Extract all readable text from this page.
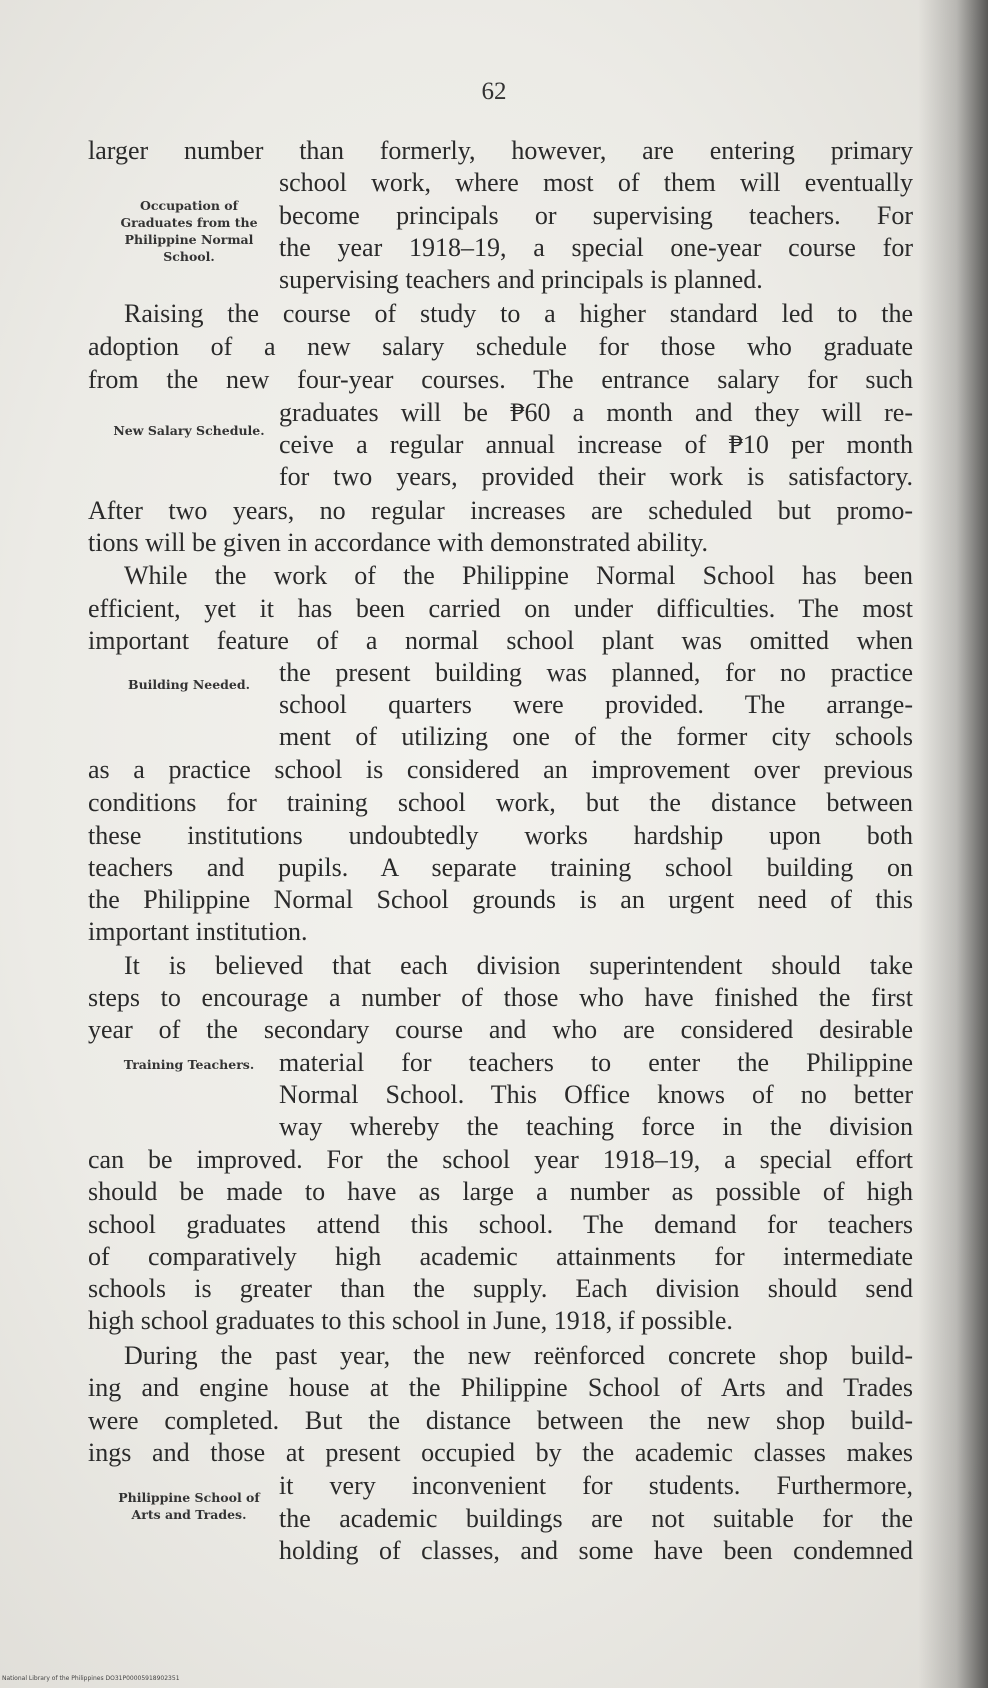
62
larger number than formerly, however, are entering primary
school work, where most of them will eventually
become principals or supervising teachers. For
the year 1918–19, a special one-year course for
supervising teachers and principals is planned.
Raising the course of study to a higher standard led to the
adoption of a new salary schedule for those who graduate
from the new four-year courses. The entrance salary for such
graduates will be ₱60 a month and they will re-
ceive a regular annual increase of ₱10 per month
for two years, provided their work is satisfactory.
After two years, no regular increases are scheduled but promo-
tions will be given in accordance with demonstrated ability.
While the work of the Philippine Normal School has been
efficient, yet it has been carried on under difficulties. The most
important feature of a normal school plant was omitted when
the present building was planned, for no practice
school quarters were provided. The arrange-
ment of utilizing one of the former city schools
as a practice school is considered an improvement over previous
conditions for training school work, but the distance between
these institutions undoubtedly works hardship upon both
teachers and pupils. A separate training school building on
the Philippine Normal School grounds is an urgent need of this
important institution.
It is believed that each division superintendent should take
steps to encourage a number of those who have finished the first
year of the secondary course and who are considered desirable
material for teachers to enter the Philippine
Normal School. This Office knows of no better
way whereby the teaching force in the division
can be improved. For the school year 1918–19, a special effort
should be made to have as large a number as possible of high
school graduates attend this school. The demand for teachers
of comparatively high academic attainments for intermediate
schools is greater than the supply. Each division should send
high school graduates to this school in June, 1918, if possible.
During the past year, the new reënforced concrete shop build-
ing and engine house at the Philippine School of Arts and Trades
were completed. But the distance between the new shop build-
ings and those at present occupied by the academic classes makes
it very inconvenient for students. Furthermore,
the academic buildings are not suitable for the
holding of classes, and some have been condemned
Occupation of Graduates from the Philippine Normal School.
New Salary Schedule.
Building Needed.
Training Teachers.
Philippine School of Arts and Trades.
National Library of the Philippines DO31P00005918902351
